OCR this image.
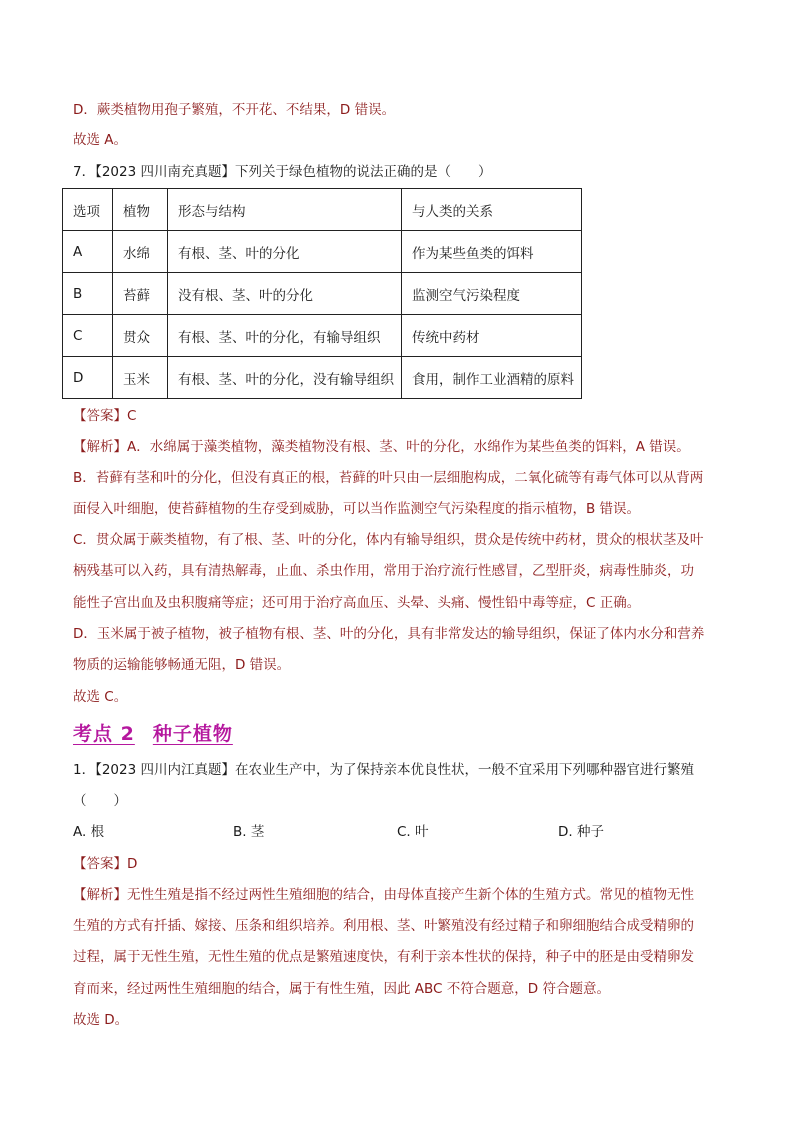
D．蕨类植物用孢子繁殖，不开花、不结果，D 错误。
故选 A。
7．【2023 四川南充真题】下列关于绿色植物的说法正确的是（　　）
选项	植物	形态与结构	与人类的关系
A	水绵	有根、茎、叶的分化	作为某些鱼类的饵料
B	苔藓	没有根、茎、叶的分化	监测空气污染程度
C	贯众	有根、茎、叶的分化，有输导组织	传统中药材
D	玉米	有根、茎、叶的分化，没有输导组织	食用，制作工业酒精的原料
【答案】C
【解析】A．水绵属于藻类植物，藻类植物没有根、茎、叶的分化，水绵作为某些鱼类的饵料，A 错误。
B．苔藓有茎和叶的分化，但没有真正的根，苔藓的叶只由一层细胞构成，二氧化硫等有毒气体可以从背两
面侵入叶细胞，使苔藓植物的生存受到威胁，可以当作监测空气污染程度的指示植物，B 错误。
C．贯众属于蕨类植物，有了根、茎、叶的分化，体内有输导组织，贯众是传统中药材，贯众的根状茎及叶
柄残基可以入药，具有清热解毒，止血、杀虫作用，常用于治疗流行性感冒，乙型肝炎，病毒性肺炎，功
能性子宫出血及虫积腹痛等症；还可用于治疗高血压、头晕、头痛、慢性铅中毒等症，C 正确。
D．玉米属于被子植物，被子植物有根、茎、叶的分化，具有非常发达的输导组织，保证了体内水分和营养
物质的运输能够畅通无阻，D 错误。
故选 C。
考点 2 种子植物
1．【2023 四川内江真题】在农业生产中，为了保持亲本优良性状，一般不宜采用下列哪种器官进行繁殖
（　　）
A. 根	B. 茎	C. 叶	D. 种子
【答案】D
【解析】无性生殖是指不经过两性生殖细胞的结合，由母体直接产生新个体的生殖方式。常见的植物无性
生殖的方式有扦插、嫁接、压条和组织培养。利用根、茎、叶繁殖没有经过精子和卵细胞结合成受精卵的
过程，属于无性生殖，无性生殖的优点是繁殖速度快，有利于亲本性状的保持，种子中的胚是由受精卵发
育而来，经过两性生殖细胞的结合，属于有性生殖，因此 ABC 不符合题意，D 符合题意。
故选 D。
